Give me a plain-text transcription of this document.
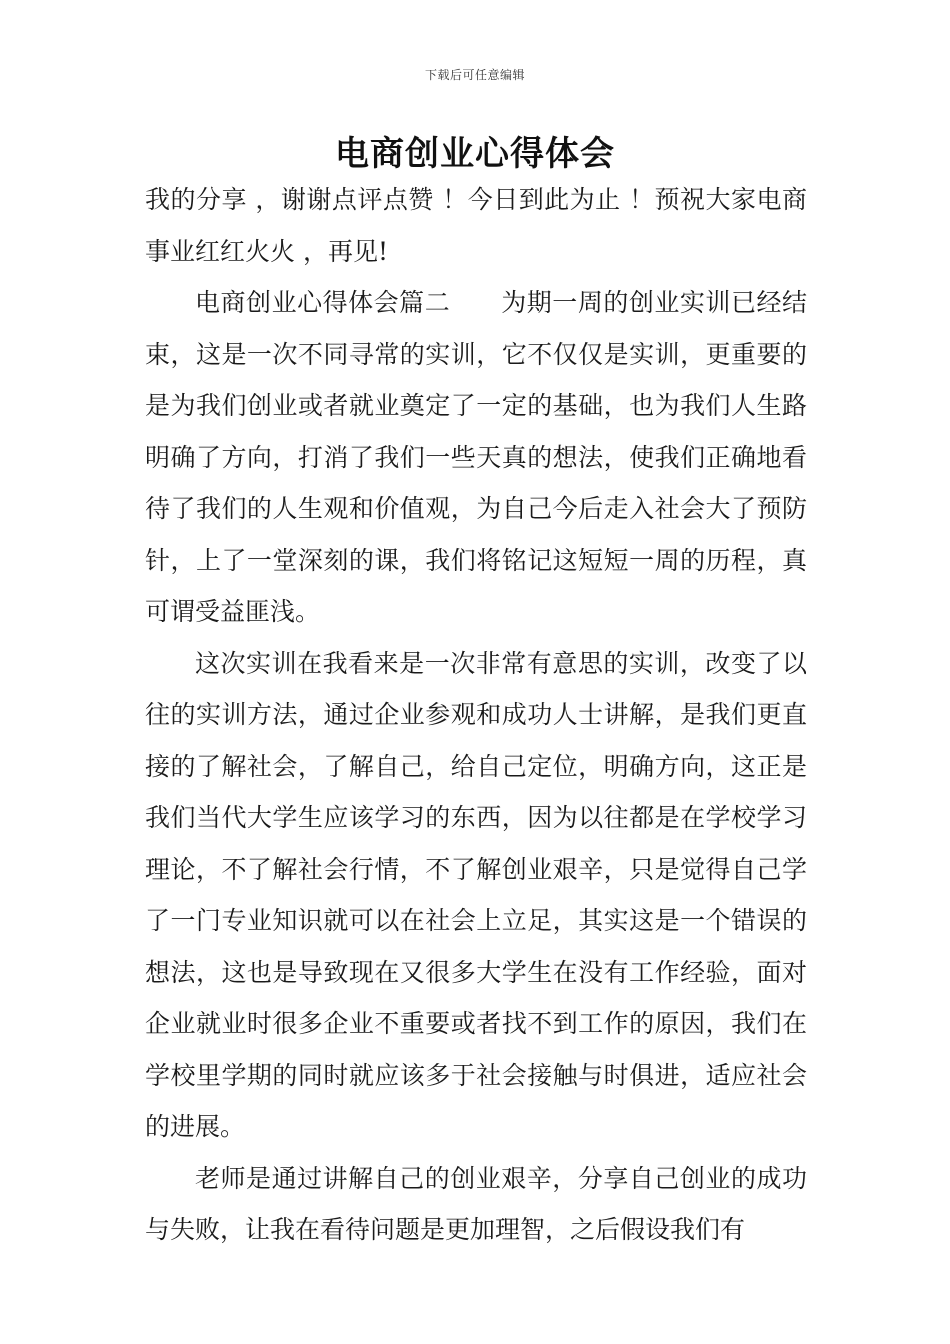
下载后可任意编辑
电商创业心得体会

我的分享 ，谢谢点评点赞 ！今日到此为止 ！预祝大家电商事业红红火火 ，再见!

电商创业心得体会篇二　　为期一周的创业实训已经结束，这是一次不同寻常的实训，它不仅仅是实训，更重要的是为我们创业或者就业奠定了一定的基础，也为我们人生路明确了方向，打消了我们一些天真的想法，使我们正确地看待了我们的人生观和价值观，为自己今后走入社会大了预防针，上了一堂深刻的课，我们将铭记这短短一周的历程，真可谓受益匪浅。

这次实训在我看来是一次非常有意思的实训，改变了以往的实训方法，通过企业参观和成功人士讲解，是我们更直接的了解社会，了解自己，给自己定位，明确方向，这正是我们当代大学生应该学习的东西，因为以往都是在学校学习理论，不了解社会行情，不了解创业艰辛，只是觉得自己学了一门专业知识就可以在社会上立足，其实这是一个错误的想法，这也是导致现在又很多大学生在没有工作经验，面对企业就业时很多企业不重要或者找不到工作的原因，我们在学校里学期的同时就应该多于社会接触与时俱进，适应社会的进展。

老师是通过讲解自己的创业艰辛，分享自己创业的成功与失败，让我在看待问题是更加理智，之后假设我们有
